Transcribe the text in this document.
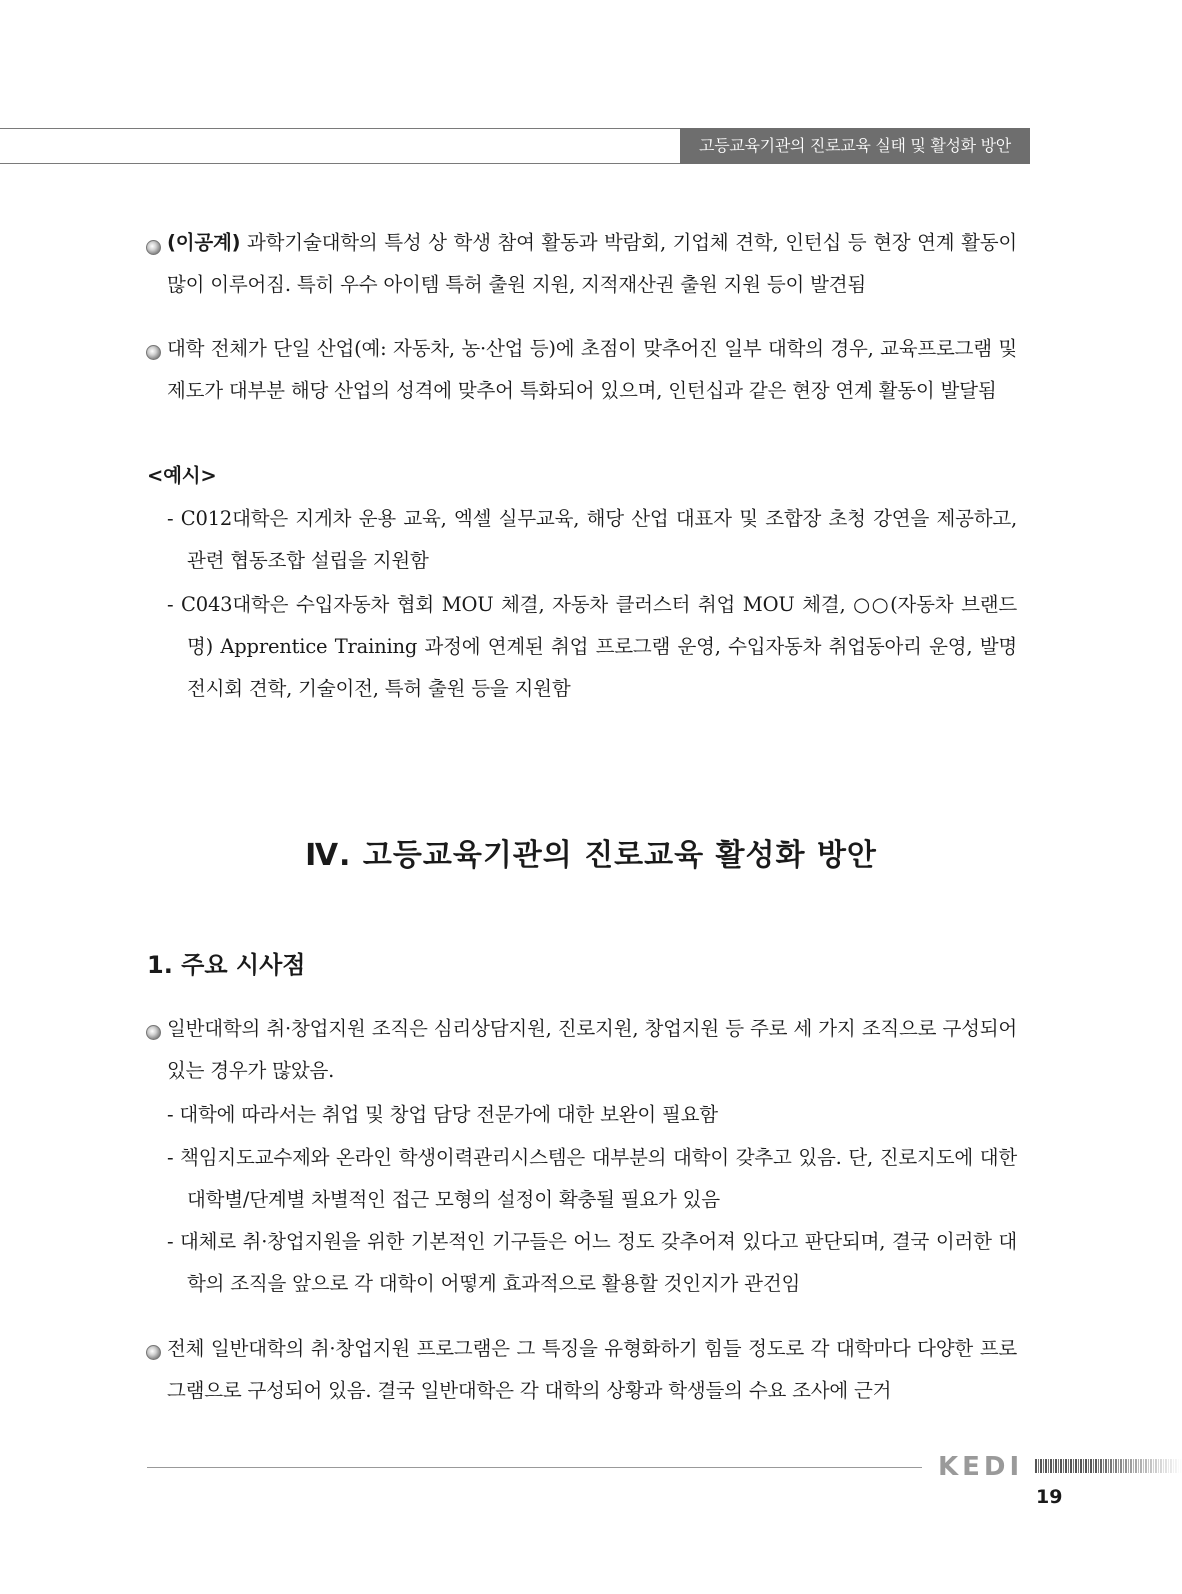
고등교육기관의 진로교육 실태 및 활성화 방안
(이공계) 과학기술대학의 특성 상 학생 참여 활동과 박람회, 기업체 견학, 인턴십 등 현장 연계 활동이 많이 이루어짐. 특히 우수 아이템 특허 출원 지원, 지적재산권 출원 지원 등이 발견됨
대학 전체가 단일 산업(예: 자동차, 농·산업 등)에 초점이 맞추어진 일부 대학의 경우, 교육프로그램 및 제도가 대부분 해당 산업의 성격에 맞추어 특화되어 있으며, 인턴십과 같은 현장 연계 활동이 발달됨
<예시>
- C012대학은 지게차 운용 교육, 엑셀 실무교육, 해당 산업 대표자 및 조합장 초청 강연을 제공하고, 관련 협동조합 설립을 지원함
- C043대학은 수입자동차 협회 MOU 체결, 자동차 클러스터 취업 MOU 체결, ○○(자동차 브랜드명) Apprentice Training 과정에 연계된 취업 프로그램 운영, 수입자동차 취업동아리 운영, 발명 전시회 견학, 기술이전, 특허 출원 등을 지원함
Ⅳ. 고등교육기관의 진로교육 활성화 방안
1. 주요 시사점
일반대학의 취·창업지원 조직은 심리상담지원, 진로지원, 창업지원 등 주로 세 가지 조직으로 구성되어 있는 경우가 많았음.
- 대학에 따라서는 취업 및 창업 담당 전문가에 대한 보완이 필요함
- 책임지도교수제와 온라인 학생이력관리시스템은 대부분의 대학이 갖추고 있음. 단, 진로지도에 대한 대학별/단계별 차별적인 접근 모형의 설정이 확충될 필요가 있음
- 대체로 취·창업지원을 위한 기본적인 기구들은 어느 정도 갖추어져 있다고 판단되며, 결국 이러한 대학의 조직을 앞으로 각 대학이 어떻게 효과적으로 활용할 것인지가 관건임
전체 일반대학의 취·창업지원 프로그램은 그 특징을 유형화하기 힘들 정도로 각 대학마다 다양한 프로그램으로 구성되어 있음. 결국 일반대학은 각 대학의 상황과 학생들의 수요 조사에 근거
KEDI
19
